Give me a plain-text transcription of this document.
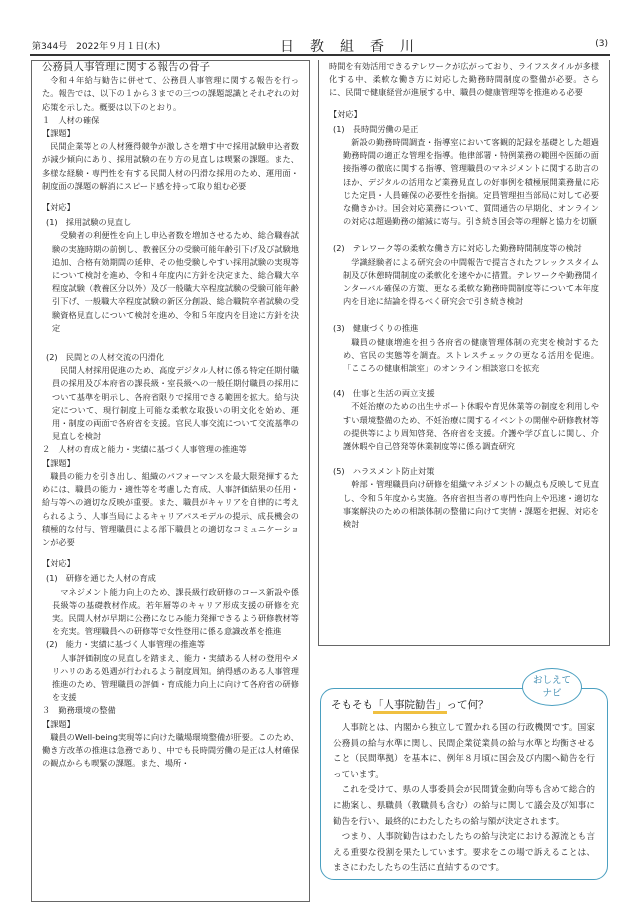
第344号　2022年９月１日(木)	日教組香川	(3)

公務員人事管理に関する報告の骨子

令和４年給与勧告に併せて、公務員人事管理に関する報告を行った。報告では、以下の１から３までの三つの課題認識とそれぞれの対応策を示した。概要は以下のとおり。

１　人材の確保

【課題】

民間企業等との人材獲得競争が激しさを増す中で採用試験申込者数が減少傾向にあり、採用試験の在り方の見直しは喫緊の課題。また、多様な経験・専門性を有する民間人材の円滑な採用のため、運用面・制度面の課題の解消にスピード感を持って取り組む必要

【対応】

(1)　採用試験の見直し

受験者の利便性を向上し申込者数を増加させるため、総合職春試験の実施時期の前倒し、教養区分の受験可能年齢引下げ及び試験地追加、合格有効期間の延伸、その他受験しやすい採用試験の実現等について検討を進め、令和４年度内に方針を決定また、総合職大卒程度試験（教養区分以外）及び一般職大卒程度試験の受験可能年齢引下げ、一般職大卒程度試験の新区分創設、総合職院卒者試験の受験資格見直しについて検討を進め、令和５年度内を目途に方針を決定

(2)　民間との人材交流の円滑化

民間人材採用促進のため、高度デジタル人材に係る特定任期付職員の採用及び本府省の課長級・室長級への一般任期付職員の採用について基準を明示し、各府省限りで採用できる範囲を拡大。給与決定について、現行制度上可能な柔軟な取扱いの明文化を始め、運用・制度の両面で各府省を支援。官民人事交流について交流基準の見直しを検討

２　人材の育成と能力・実績に基づく人事管理の推進等

【課題】

職員の能力を引き出し、組織のパフォーマンスを最大限発揮するためには、職員の能力・適性等を考慮した育成、人事評価結果の任用・給与等への適切な反映が重要。また、職員がキャリアを自律的に考えられるよう、人事当局によるキャリアパスモデルの提示、成長機会の積極的な付与、管理職員による部下職員との適切なコミュニケーションが必要

【対応】

(1)　研修を通じた人材の育成

マネジメント能力向上のため、課長級行政研修のコース新設や係長級等の基礎教材作成。若年層等のキャリア形成支援の研修を充実。民間人材が早期に公務になじみ能力発揮できるよう研修教材等を充実。管理職員への研修等で女性登用に係る意識改革を推進

(2)　能力・実績に基づく人事管理の推進等

人事評価制度の見直しを踏まえ、能力・実績ある人材の登用やメリハリのある処遇が行われるよう制度周知。納得感のある人事管理推進のため、管理職員の評価・育成能力向上に向けて各府省の研修を支援

３　勤務環境の整備

【課題】

職員のWell-being実現等に向けた職場環境整備が肝要。このため、働き方改革の推進は急務であり、中でも長時間労働の是正は人材確保の観点からも喫緊の課題。また、場所・

時間を有効活用できるテレワークが広がっており、ライフスタイルが多様化する中、柔軟な働き方に対応した勤務時間制度の整備が必要。さらに、民間で健康経営が進展する中、職員の健康管理等を推進める必要

【対応】

(1)　長時間労働の是正

新設の勤務時間調査・指導室において客観的記録を基礎とした超過勤務時間の適正な管理を指導。他律部署・特例業務の範囲や医師の面接指導の徹底に関する指導、管理職員のマネジメントに関する助言のほか、デジタルの活用など業務見直しの好事例を積極展開業務量に応じた定員・人員確保の必要性を指摘。定員管理担当部局に対して必要な働きかけ。国会対応業務について、質問通告の早期化、オンラインの対応は超過勤務の縮減に寄与。引き続き国会等の理解と協力を切願

(2)　テレワーク等の柔軟な働き方に対応した勤務時間制度等の検討

学識経験者による研究会の中間報告で提言されたフレックスタイム制及び休憩時間制度の柔軟化を速やかに措置。テレワークや勤務間インターバル確保の方策、更なる柔軟な勤務時間制度等について本年度内を目途に結論を得るべく研究会で引き続き検討

(3)　健康づくりの推進

職員の健康増進を担う各府省の健康管理体制の充実を検討するため、官民の実態等を調査。ストレスチェックの更なる活用を促進。「こころの健康相談室」のオンライン相談窓口を拡充

(4)　仕事と生活の両立支援

不妊治療のための出生サポート休暇や育児休業等の制度を利用しやすい環境整備のため、不妊治療に関するイベントの開催や研修教材等の提供等により周知啓発、各府省を支援。介護や学び直しに関し、介護休暇や自己啓発等休業制度等に係る調査研究

(5)　ハラスメント防止対策

幹部・管理職員向け研修を組織マネジメントの観点も反映して見直し、令和５年度から実施。各府省担当者の専門性向上や迅速・適切な事案解決のための相談体制の整備に向けて実情・課題を把握、対応を検討

そもそも「人事院勧告」って何？

人事院とは、内閣から独立して置かれる国の行政機関です。国家公務員の給与水準に関し、民間企業従業員の給与水準と均衡させること（民間準拠）を基本に、例年８月頃に国会及び内閣へ勧告を行っています。

これを受けて、県の人事委員会が民間賃金動向等も含めて総合的に勘案し、県職員（教職員も含む）の給与に関して議会及び知事に勧告を行い、最終的にわたしたちの給与額が決定されます。

つまり、人事院勧告はわたしたちの給与決定における源流とも言える重要な役割を果たしています。要求をこの場で訴えることは、まさにわたしたちの生活に直結するのです。

おしえて
ナビ
